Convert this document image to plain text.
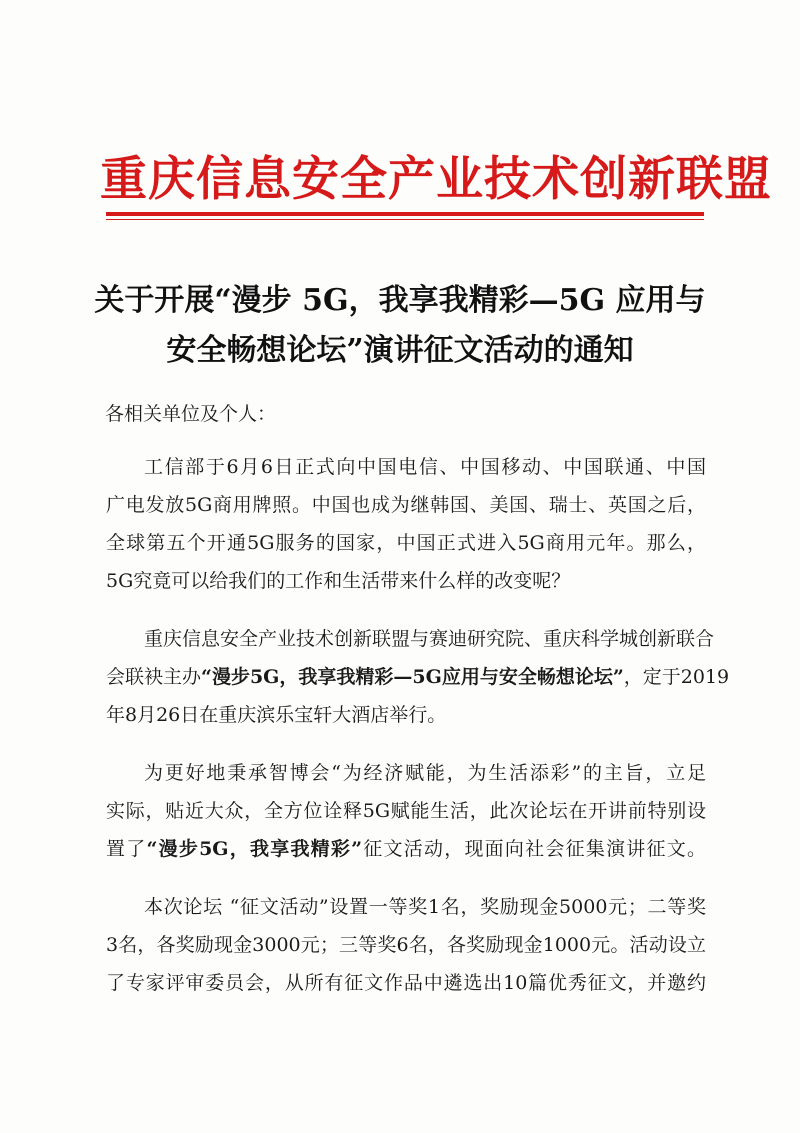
重庆信息安全产业技术创新联盟
关于开展“漫步 5G，我享我精彩—5G 应用与
安全畅想论坛”演讲征文活动的通知
各相关单位及个人：
工信部于6月6日正式向中国电信、中国移动、中国联通、中国
广电发放5G商用牌照。中国也成为继韩国、美国、瑞士、英国之后，
全球第五个开通5G服务的国家，中国正式进入5G商用元年。那么，
5G究竟可以给我们的工作和生活带来什么样的改变呢？
重庆信息安全产业技术创新联盟与赛迪研究院、重庆科学城创新联合
会联袂主办“漫步5G，我享我精彩—5G应用与安全畅想论坛”，定于2019
年8月26日在重庆滨乐宝轩大酒店举行。
为更好地秉承智博会“为经济赋能，为生活添彩”的主旨，立足
实际，贴近大众，全方位诠释5G赋能生活，此次论坛在开讲前特别设
置了“漫步5G，我享我精彩”征文活动，现面向社会征集演讲征文。
本次论坛 “征文活动”设置一等奖1名，奖励现金5000元；二等奖
3名，各奖励现金3000元；三等奖6名，各奖励现金1000元。活动设立
了专家评审委员会，从所有征文作品中遴选出10篇优秀征文，并邀约
